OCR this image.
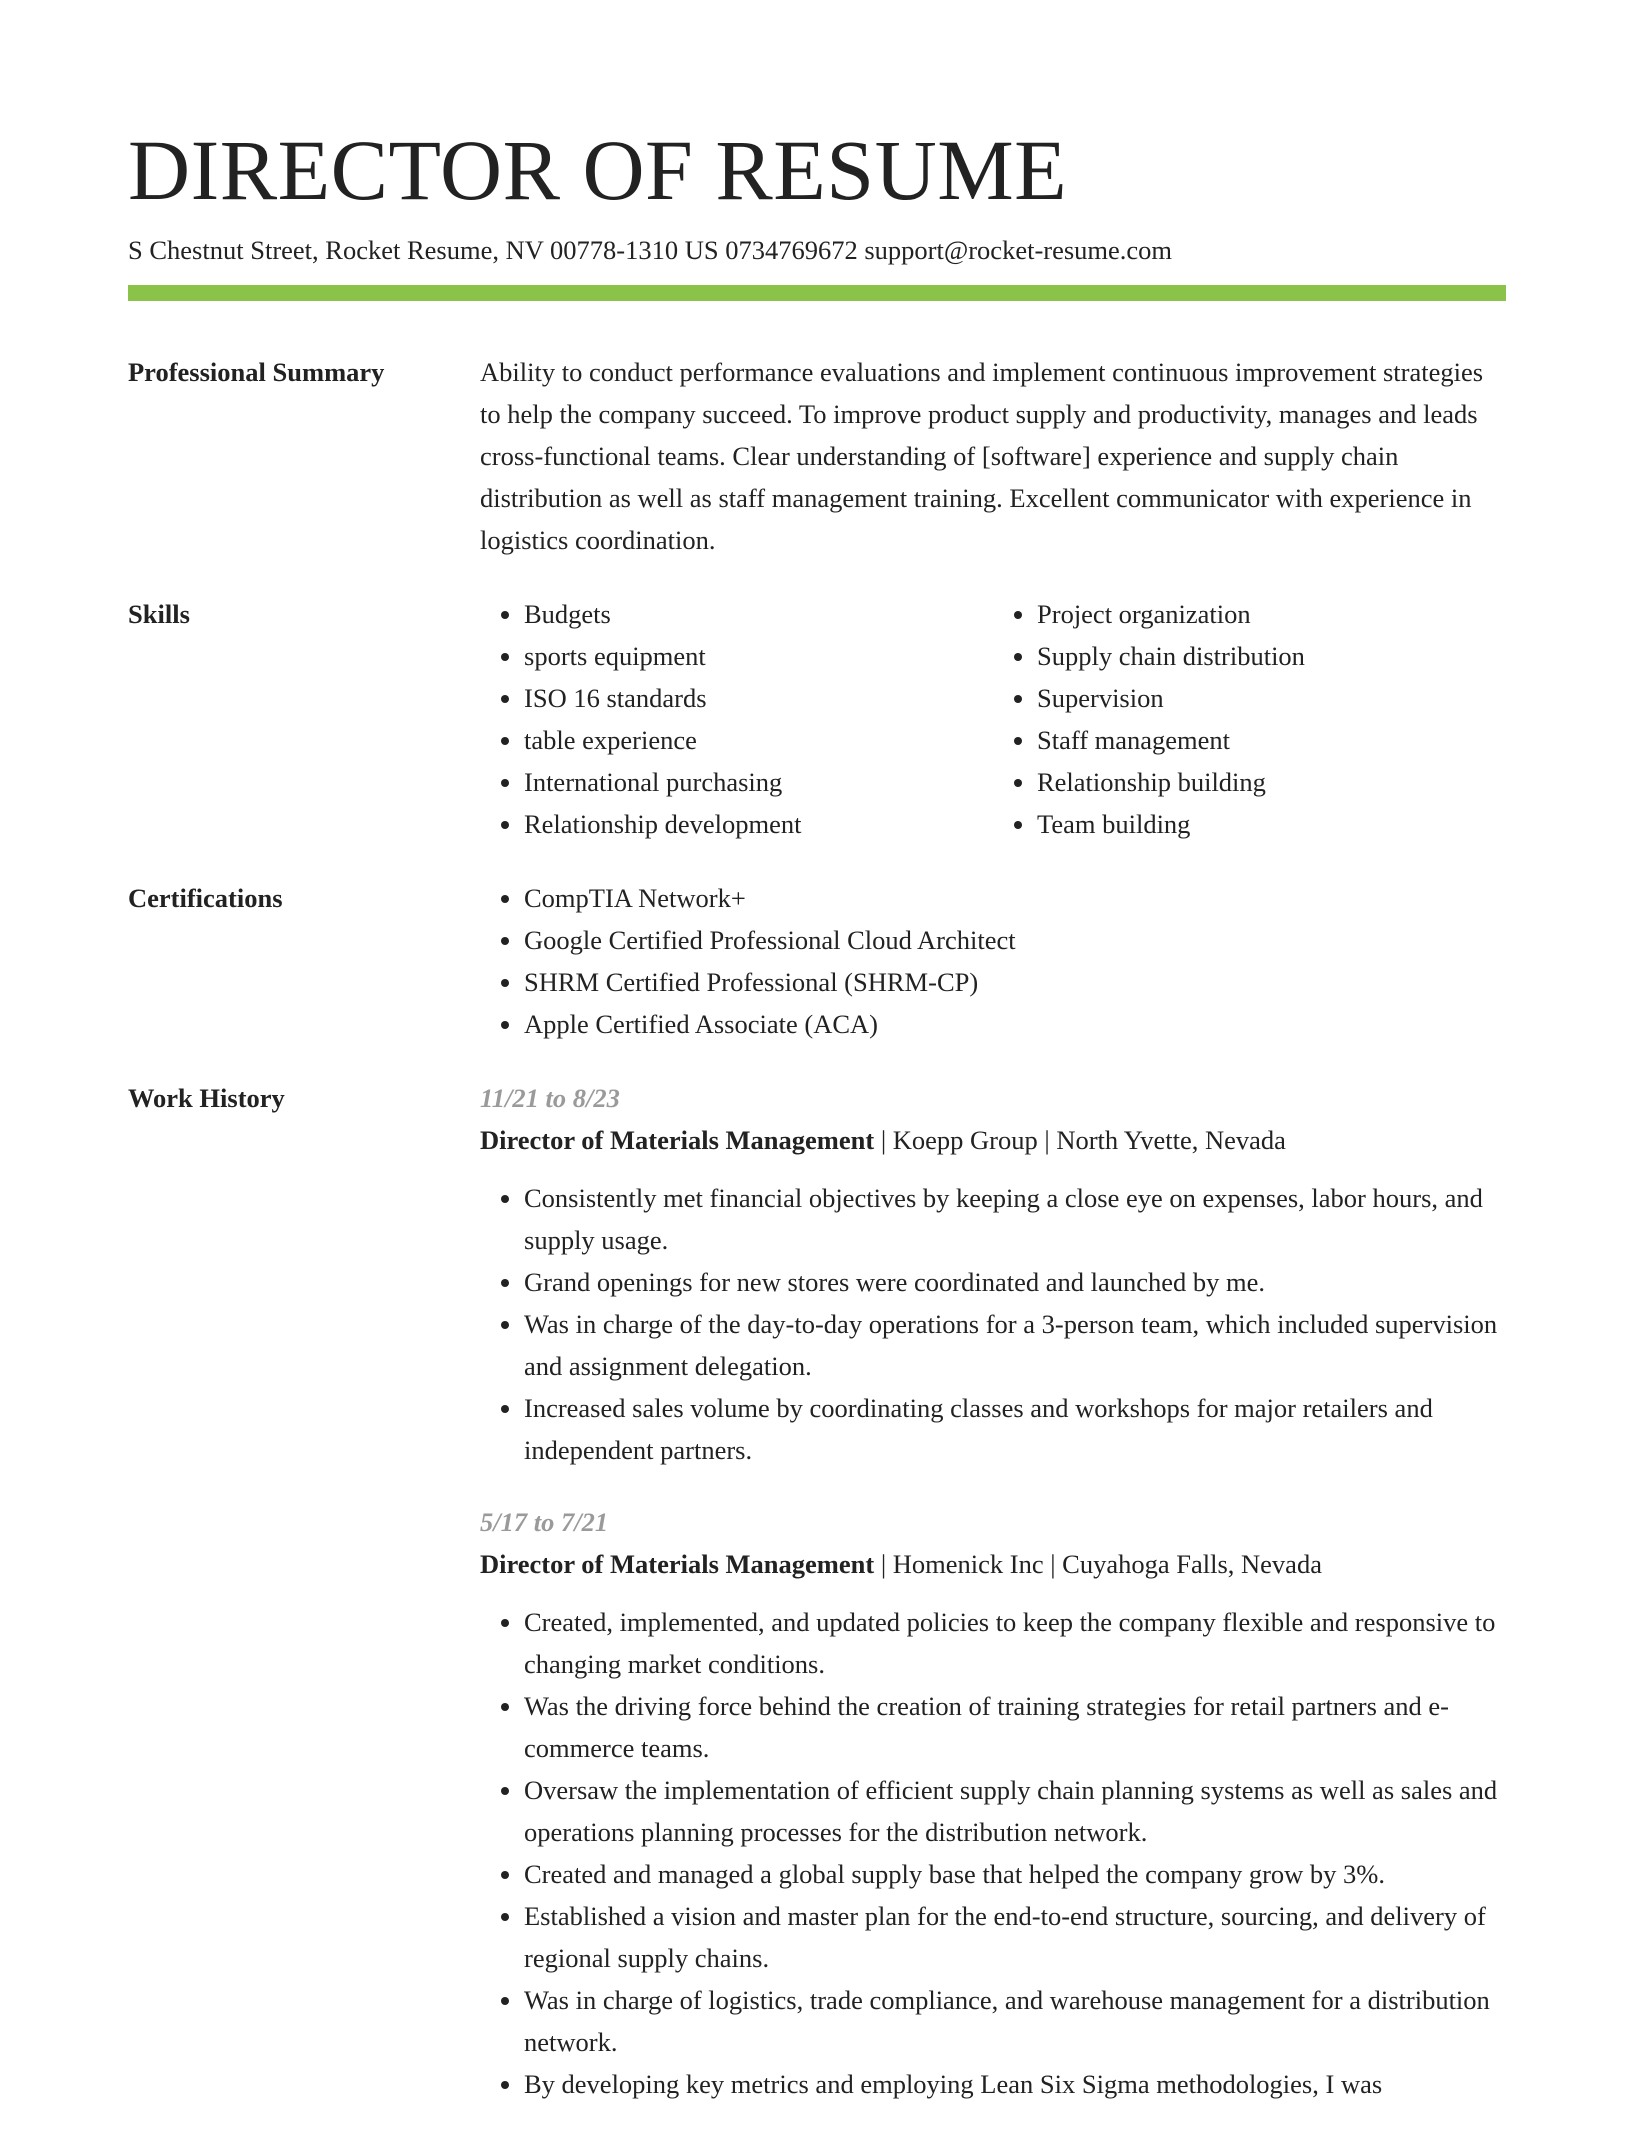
DIRECTOR OF RESUME
S Chestnut Street, Rocket Resume, NV 00778-1310 US 0734769672 support@rocket-resume.com
Professional Summary	Ability to conduct performance evaluations and implement continuous improvement strategies to help the company succeed. To improve product supply and productivity, manages and leads cross-functional teams. Clear understanding of [software] experience and supply chain distribution as well as staff management training. Excellent communicator with experience in logistics coordination.

Skills	• Budgets
• sports equipment
• ISO 16 standards
• table experience
• International purchasing
• Relationship development
• Project organization
• Supply chain distribution
• Supervision
• Staff management
• Relationship building
• Team building
Certifications	• CompTIA Network+
• Google Certified Professional Cloud Architect
• SHRM Certified Professional (SHRM-CP)
• Apple Certified Associate (ACA)
Work History	11/21 to 8/23
Director of Materials Management | Koepp Group | North Yvette, Nevada
• Consistently met financial objectives by keeping a close eye on expenses, labor hours, and supply usage.
• Grand openings for new stores were coordinated and launched by me.
• Was in charge of the day-to-day operations for a 3-person team, which included supervision and assignment delegation.
• Increased sales volume by coordinating classes and workshops for major retailers and independent partners.
5/17 to 7/21
Director of Materials Management | Homenick Inc | Cuyahoga Falls, Nevada
• Created, implemented, and updated policies to keep the company flexible and responsive to changing market conditions.
• Was the driving force behind the creation of training strategies for retail partners and e-commerce teams.
• Oversaw the implementation of efficient supply chain planning systems as well as sales and operations planning processes for the distribution network.
• Created and managed a global supply base that helped the company grow by 3%.
• Established a vision and master plan for the end-to-end structure, sourcing, and delivery of regional supply chains.
• Was in charge of logistics, trade compliance, and warehouse management for a distribution network.
• By developing key metrics and employing Lean Six Sigma methodologies, I was
